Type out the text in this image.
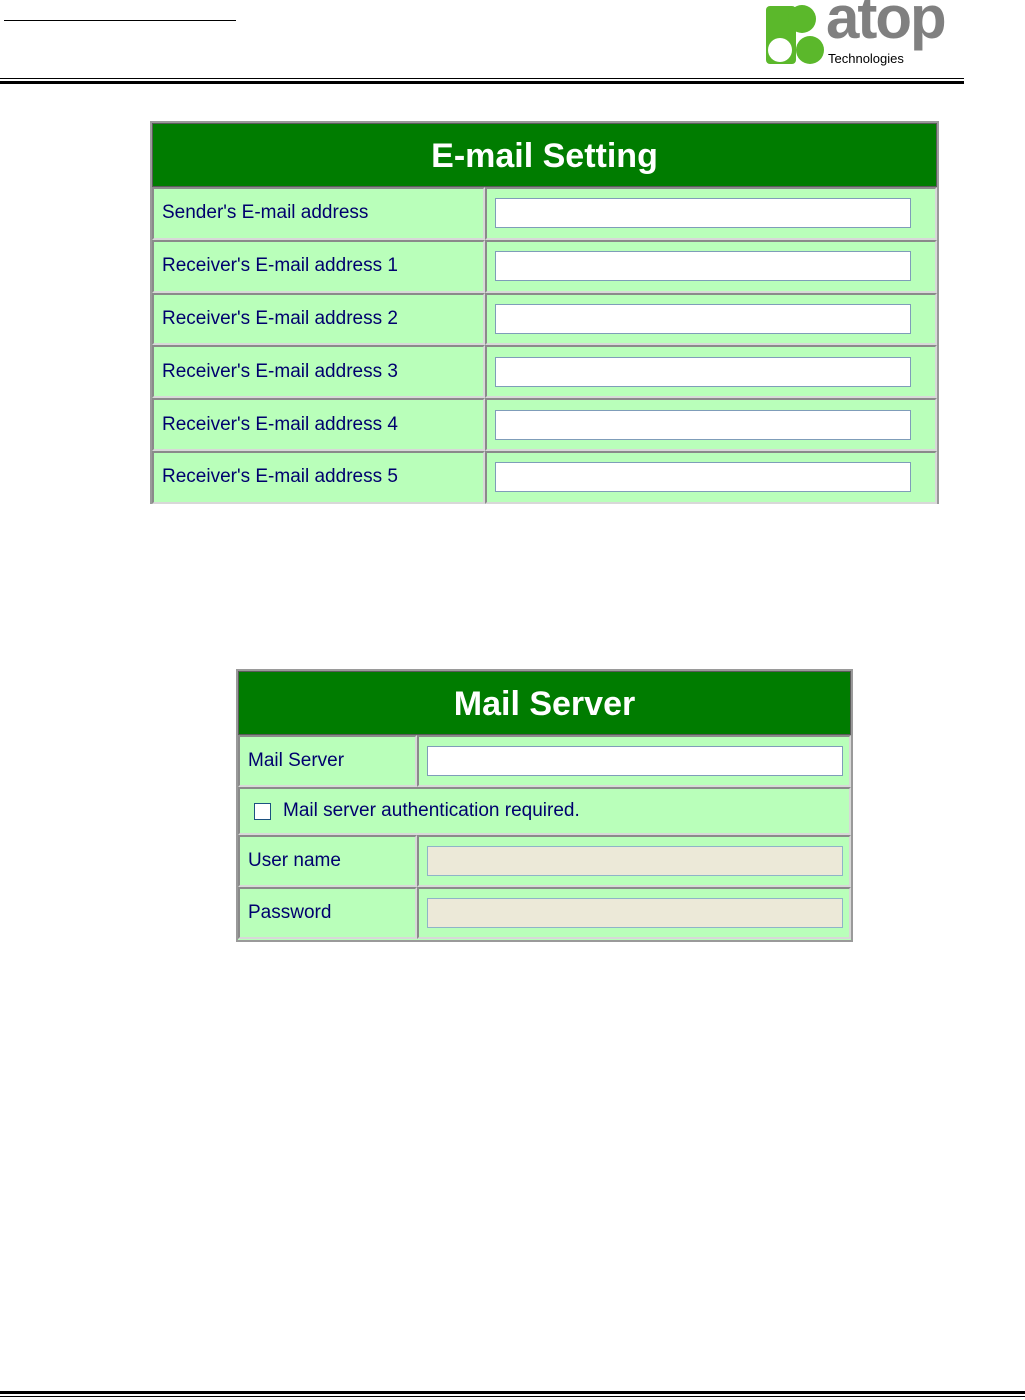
atop
Technologies
E-mail Setting
Sender's E-mail address
Receiver's E-mail address 1
Receiver's E-mail address 2
Receiver's E-mail address 3
Receiver's E-mail address 4
Receiver's E-mail address 5
Mail Server
Mail Server
Mail server authentication required.
User name
Password
